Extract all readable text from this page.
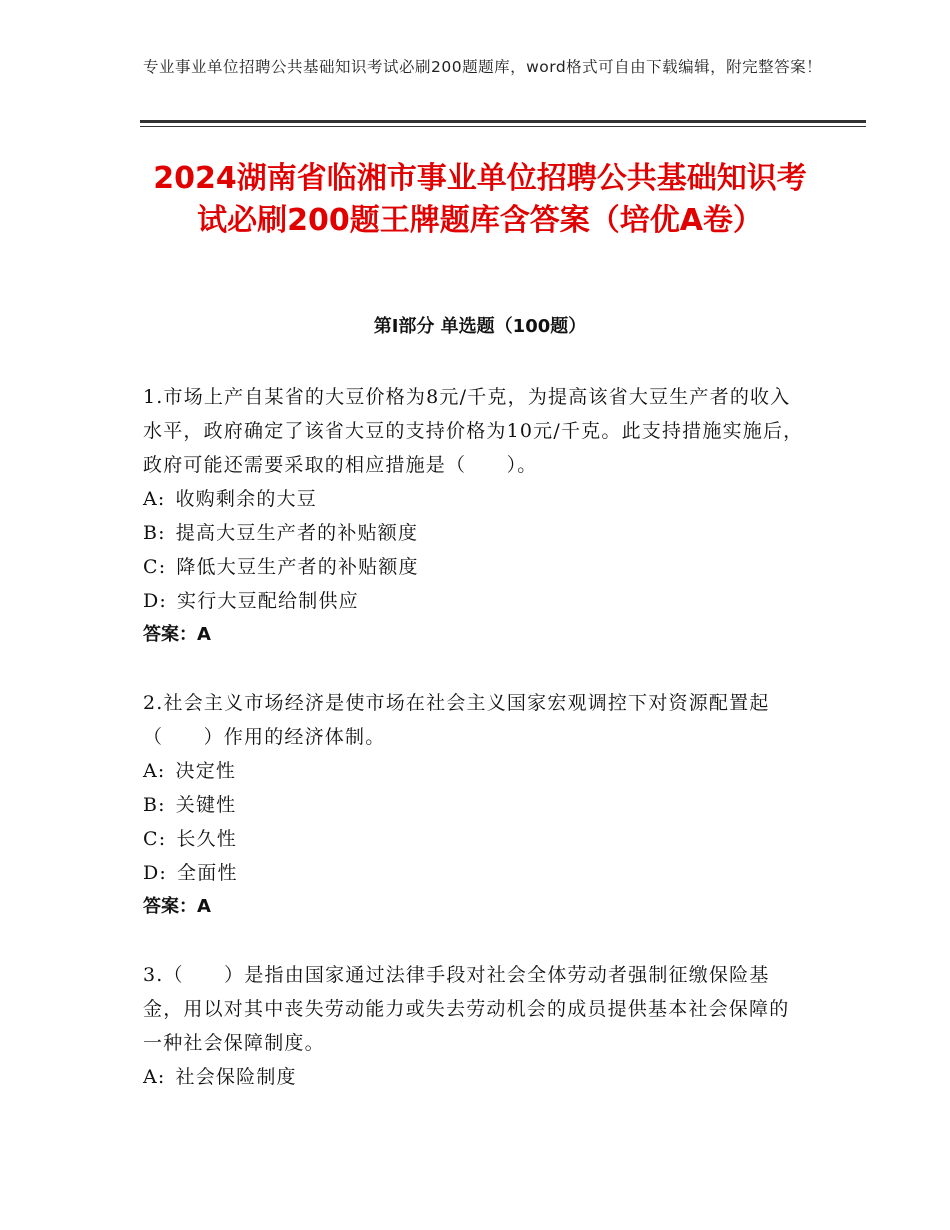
专业事业单位招聘公共基础知识考试必刷200题题库，word格式可自由下载编辑，附完整答案！
2024湖南省临湘市事业单位招聘公共基础知识考试必刷200题王牌题库含答案（培优A卷）
第Ⅰ部分 单选题（100题）

1.市场上产自某省的大豆价格为8元/千克，为提高该省大豆生产者的收入水平，政府确定了该省大豆的支持价格为10元/千克。此支持措施实施后，政府可能还需要采取的相应措施是（　　）。

A: 收购剩余的大豆

B: 提高大豆生产者的补贴额度

C: 降低大豆生产者的补贴额度

D: 实行大豆配给制供应

答案：A

2.社会主义市场经济是使市场在社会主义国家宏观调控下对资源配置起（　　）作用的经济体制。

A: 决定性

B: 关键性

C: 长久性

D: 全面性

答案：A

3.（　　）是指由国家通过法律手段对社会全体劳动者强制征缴保险基金，用以对其中丧失劳动能力或失去劳动机会的成员提供基本社会保障的一种社会保障制度。

A: 社会保险制度
